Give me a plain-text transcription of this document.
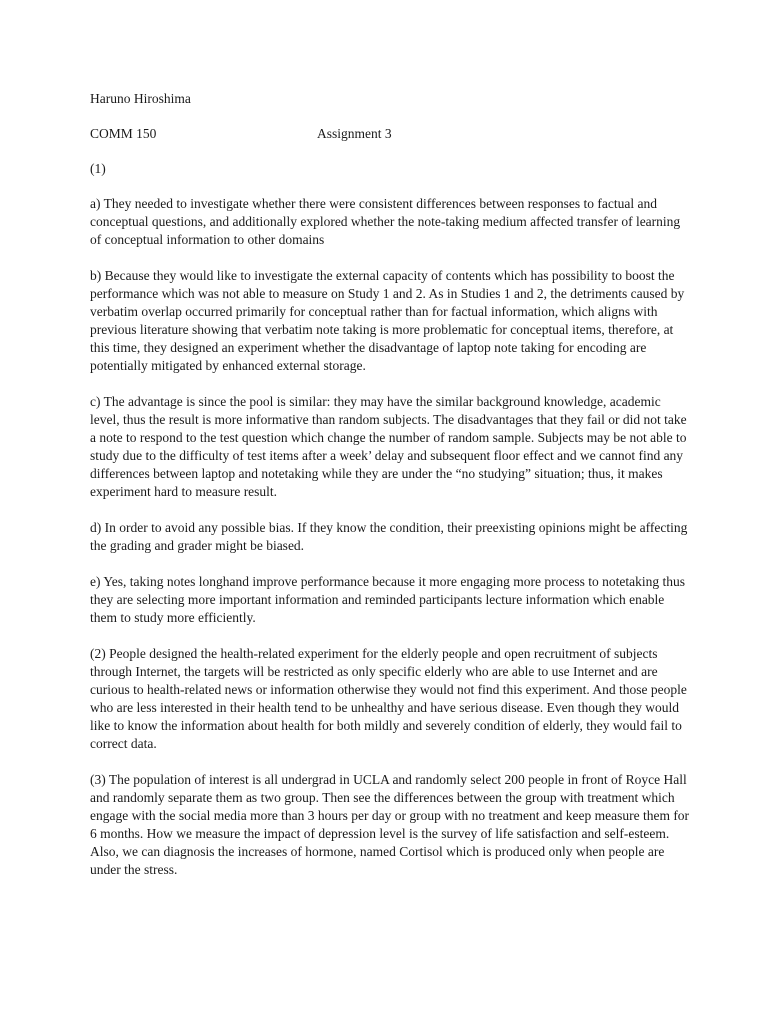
Haruno Hiroshima
COMM 150	Assignment 3
(1)

a) They needed to investigate whether there were consistent differences between responses to factual and conceptual questions, and additionally explored whether the note-taking medium affected transfer of learning of conceptual information to other domains

b) Because they would like to investigate the external capacity of contents which has possibility to boost the performance which was not able to measure on Study 1 and 2. As in Studies 1 and 2, the detriments caused by verbatim overlap occurred primarily for conceptual rather than for factual information, which aligns with previous literature showing that verbatim note taking is more problematic for conceptual items, therefore, at this time, they designed an experiment whether the disadvantage of laptop note taking for encoding are potentially mitigated by enhanced external storage.

c) The advantage is since the pool is similar: they may have the similar background knowledge, academic level, thus the result is more informative than random subjects. The disadvantages that they fail or did not take a note to respond to the test question which change the number of random sample. Subjects may be not able to study due to the difficulty of test items after a week’ delay and subsequent floor effect and we cannot find any differences between laptop and notetaking while they are under the “no studying” situation; thus, it makes experiment hard to measure result.

d) In order to avoid any possible bias. If they know the condition, their preexisting opinions might be affecting the grading and grader might be biased.

e) Yes, taking notes longhand improve performance because it more engaging more process to notetaking thus they are selecting more important information and reminded participants lecture information which enable them to study more efficiently.

(2) People designed the health-related experiment for the elderly people and open recruitment of subjects through Internet, the targets will be restricted as only specific elderly who are able to use Internet and are curious to health-related news or information otherwise they would not find this experiment. And those people who are less interested in their health tend to be unhealthy and have serious disease. Even though they would like to know the information about health for both mildly and severely condition of elderly, they would fail to correct data.

(3) The population of interest is all undergrad in UCLA and randomly select 200 people in front of Royce Hall and randomly separate them as two group. Then see the differences between the group with treatment which engage with the social media more than 3 hours per day or group with no treatment and keep measure them for 6 months. How we measure the impact of depression level is the survey of life satisfaction and self-esteem. Also, we can diagnosis the increases of hormone, named Cortisol which is produced only when people are under the stress.
